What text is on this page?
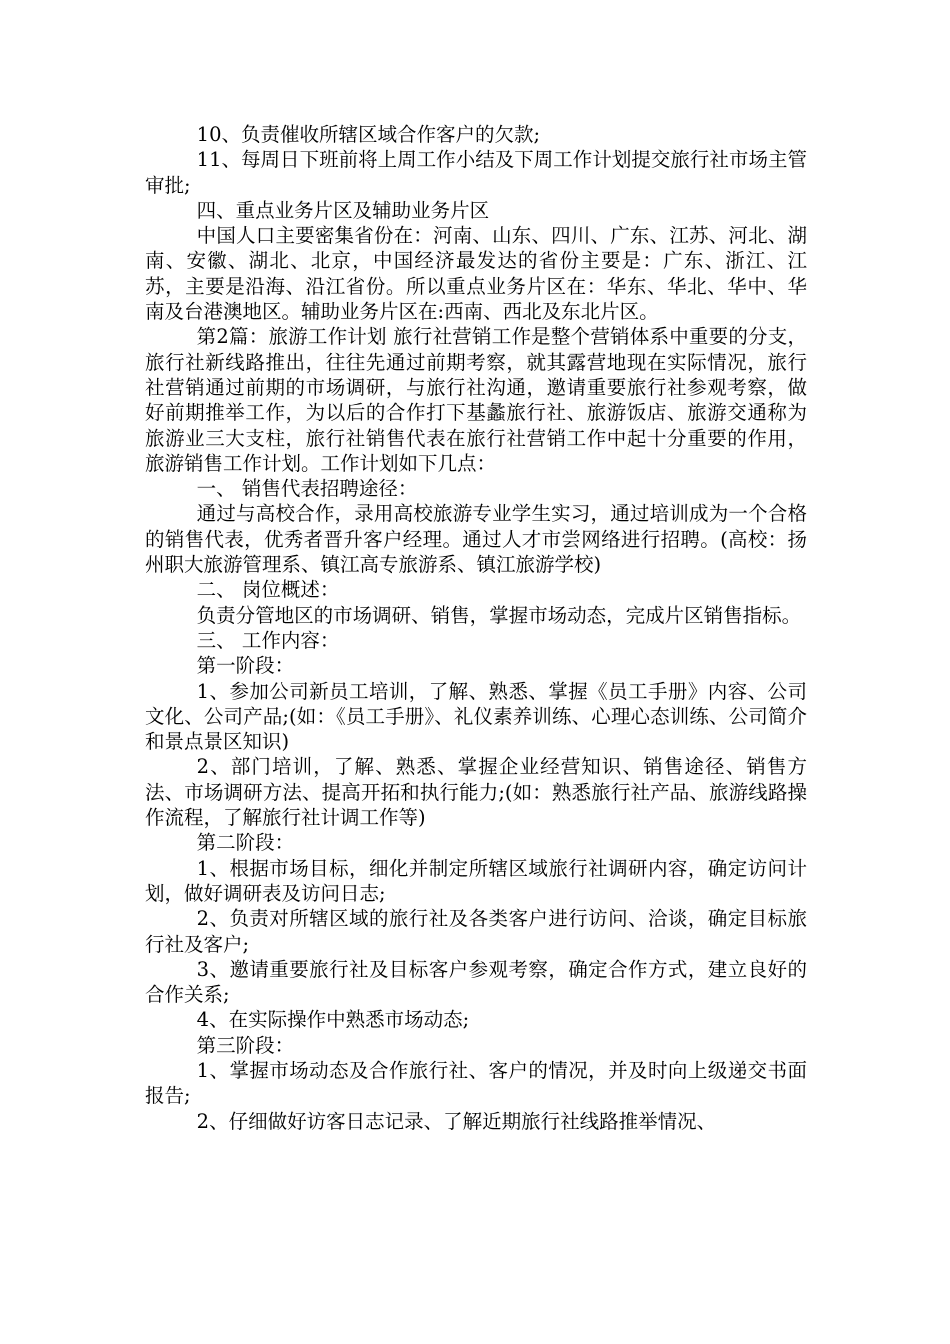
10、负责催收所辖区域合作客户的欠款;

11、每周日下班前将上周工作小结及下周工作计划提交旅行社市场主管审批;

四、重点业务片区及辅助业务片区

中国人口主要密集省份在：河南、山东、四川、广东、江苏、河北、湖南、安徽、湖北、北京，中国经济最发达的省份主要是：广东、浙江、江苏，主要是沿海、沿江省份。所以重点业务片区在：华东、华北、华中、华南及台港澳地区。辅助业务片区在:西南、西北及东北片区。

第2篇：旅游工作计划 旅行社营销工作是整个营销体系中重要的分支，旅行社新线路推出，往往先通过前期考察，就其露营地现在实际情况，旅行社营销通过前期的市场调研，与旅行社沟通，邀请重要旅行社参观考察，做好前期推举工作，为以后的合作打下基蠡旅行社、旅游饭店、旅游交通称为旅游业三大支柱，旅行社销售代表在旅行社营销工作中起十分重要的作用，旅游销售工作计划。工作计划如下几点：

一、 销售代表招聘途径：

通过与高校合作，录用高校旅游专业学生实习，通过培训成为一个合格的销售代表，优秀者晋升客户经理。通过人才市尝网络进行招聘。(高校：扬州职大旅游管理系、镇江高专旅游系、镇江旅游学校)

二、 岗位概述：

负责分管地区的市场调研、销售，掌握市场动态，完成片区销售指标。

三、 工作内容：

第一阶段：

1、参加公司新员工培训，了解、熟悉、掌握《员工手册》内容、公司文化、公司产品;(如：《员工手册》、礼仪素养训练、心理心态训练、公司简介和景点景区知识)

2、部门培训，了解、熟悉、掌握企业经营知识、销售途径、销售方法、市场调研方法、提高开拓和执行能力;(如：熟悉旅行社产品、旅游线路操作流程，了解旅行社计调工作等)

第二阶段：

1、根据市场目标，细化并制定所辖区域旅行社调研内容，确定访问计划，做好调研表及访问日志;

2、负责对所辖区域的旅行社及各类客户进行访问、洽谈，确定目标旅行社及客户;

3、邀请重要旅行社及目标客户参观考察，确定合作方式，建立良好的合作关系;

4、在实际操作中熟悉市场动态;

第三阶段：

1、掌握市场动态及合作旅行社、客户的情况，并及时向上级递交书面报告;

2、仔细做好访客日志记录、了解近期旅行社线路推举情况、
